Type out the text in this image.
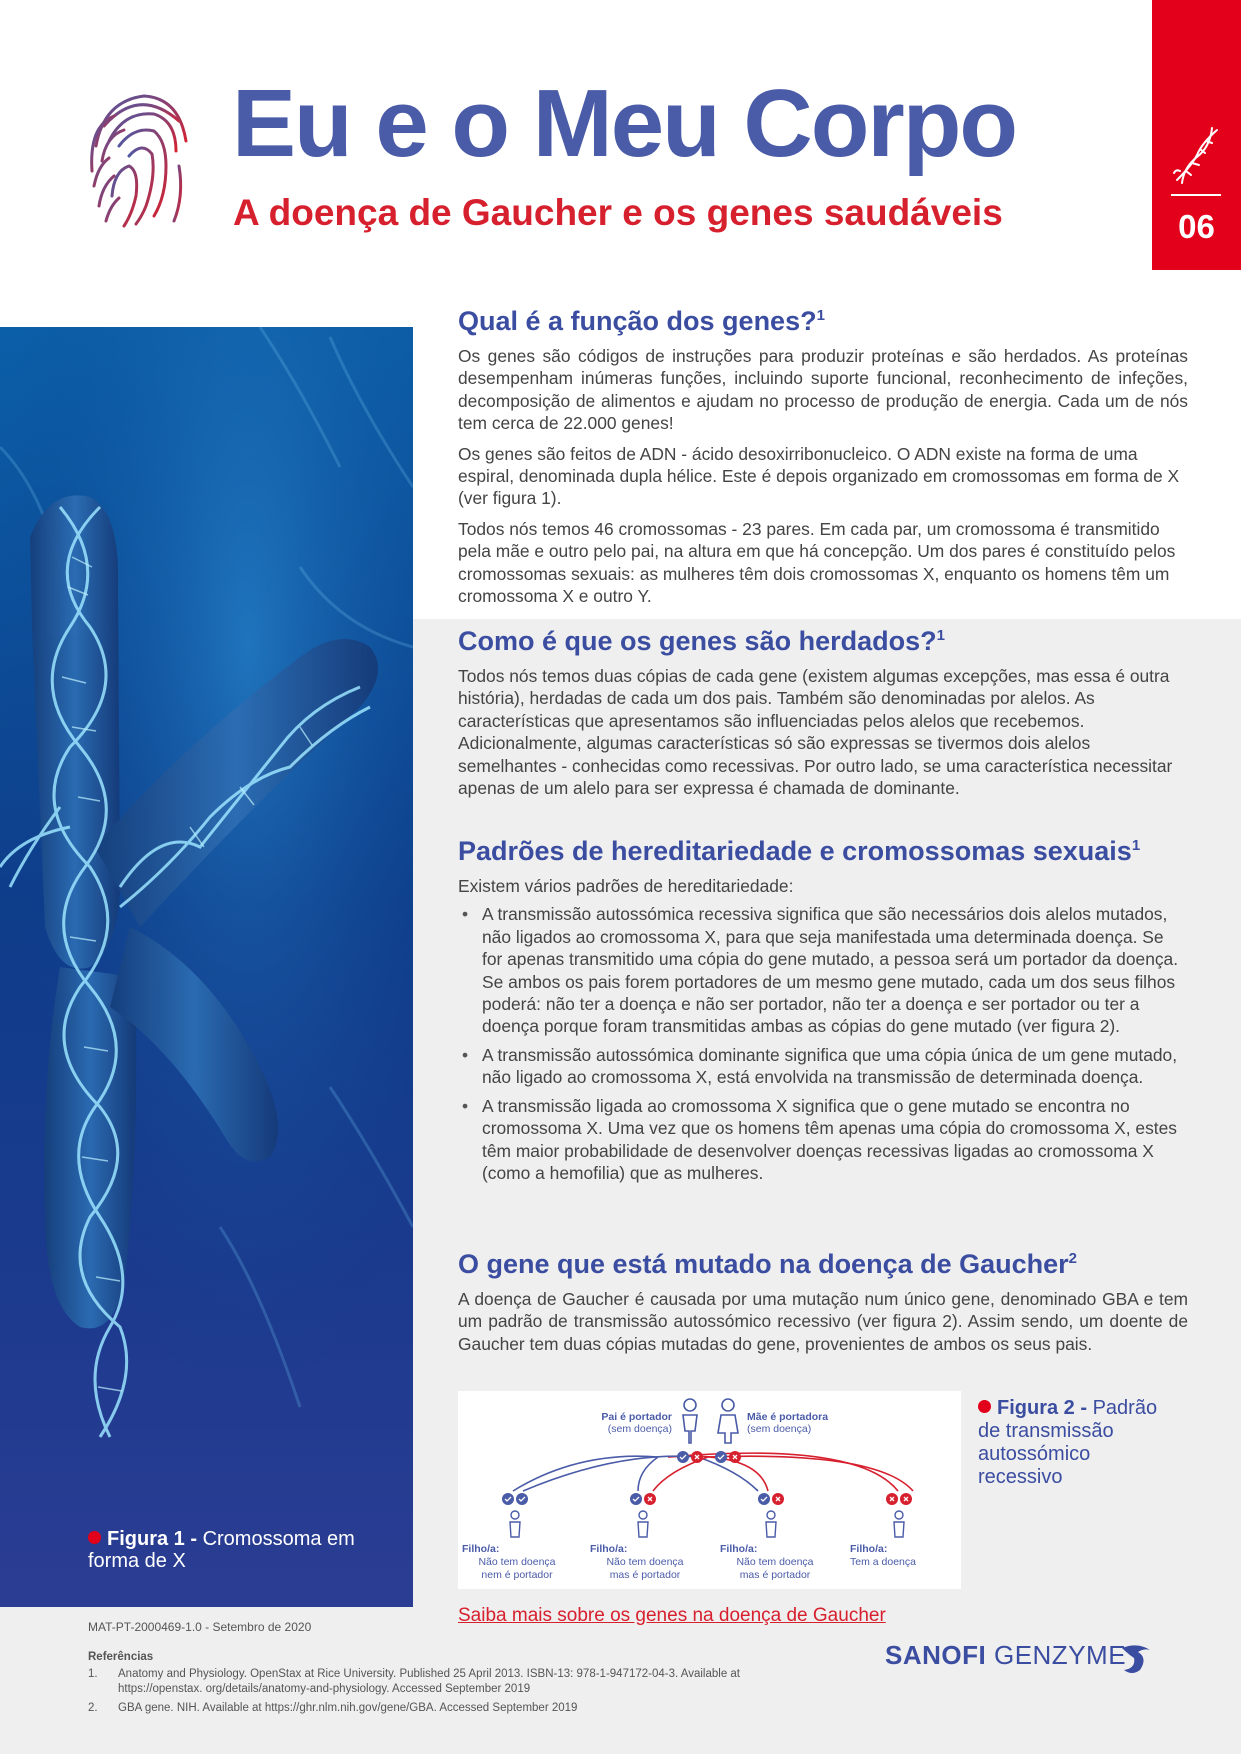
Eu e o Meu Corpo
A doença de Gaucher e os genes saudáveis	06
Figura 1 - Cromossoma em forma de X
Qual é a função dos genes?$^1$

Os genes são códigos de instruções para produzir proteínas e são herdados. As proteínas desempenham inúmeras funções, incluindo suporte funcional, reconhecimento de infeções, decomposição de alimentos e ajudam no processo de produção de energia. Cada um de nós tem cerca de 22.000 genes!

Os genes são feitos de ADN - ácido desoxirribonucleico. O ADN existe na forma de uma espiral, denominada dupla hélice. Este é depois organizado em cromossomas em forma de X (ver figura 1).

Todos nós temos 46 cromossomas - 23 pares. Em cada par, um cromossoma é transmitido pela mãe e outro pelo pai, na altura em que há concepção. Um dos pares é constituído pelos cromossomas sexuais: as mulheres têm dois cromossomas X, enquanto os homens têm um cromossoma X e outro Y.

Como é que os genes são herdados?$^1$

Todos nós temos duas cópias de cada gene (existem algumas excepções, mas essa é outra história), herdadas de cada um dos pais. Também são denominadas por alelos. As características que apresentamos são influenciadas pelos alelos que recebemos. Adicionalmente, algumas características só são expressas se tivermos dois alelos semelhantes - conhecidas como recessivas. Por outro lado, se uma característica necessitar apenas de um alelo para ser expressa é chamada de dominante.

Padrões de hereditariedade e cromossomas sexuais$^1$

Existem vários padrões de hereditariedade:

• A transmissão autossómica recessiva significa que são necessários dois alelos mutados, não ligados ao cromossoma X, para que seja manifestada uma determinada doença. Se for apenas transmitido uma cópia do gene mutado, a pessoa será um portador da doença. Se ambos os pais forem portadores de um mesmo gene mutado, cada um dos seus filhos poderá: não ter a doença e não ser portador, não ter a doença e ser portador ou ter a doença porque foram transmitidas ambas as cópias do gene mutado (ver figura 2).
• A transmissão autossómica dominante significa que uma cópia única de um gene mutado, não ligado ao cromossoma X, está envolvida na transmissão de determinada doença.
• A transmissão ligada ao cromossoma X significa que o gene mutado se encontra no cromossoma X. Uma vez que os homens têm apenas uma cópia do cromossoma X, estes têm maior probabilidade de desenvolver doenças recessivas ligadas ao cromossoma X (como a hemofilia) que as mulheres.
O gene que está mutado na doença de Gaucher$^2$

A doença de Gaucher é causada por uma mutação num único gene, denominado GBA e tem um padrão de transmissão autossómico recessivo (ver figura 2). Assim sendo, um doente de Gaucher tem duas cópias mutadas do gene, provenientes de ambos os seus pais.

Pai é portador
(sem doença)
Mãe é portadora
(sem doença)
Filho/a:
Não tem doença
nem é portador
Filho/a:
Não tem doença
mas é portador
Filho/a:
Não tem doença
mas é portador
Filho/a:
Tem a doença
Figura 2 - Padrão de transmissão autossómico recessivo
Saiba mais sobre os genes na doença de Gaucher
MAT-PT-2000469-1.0 - Setembro de 2020
Referências
1. Anatomy and Physiology. OpenStax at Rice University. Published 25 April 2013. ISBN-13: 978-1-947172-04-3. Available at https://openstax. org/details/anatomy-and-physiology. Accessed September 2019
2. GBA gene. NIH. Available at https://ghr.nlm.nih.gov/gene/GBA. Accessed September 2019
SANOFI GENZYME
